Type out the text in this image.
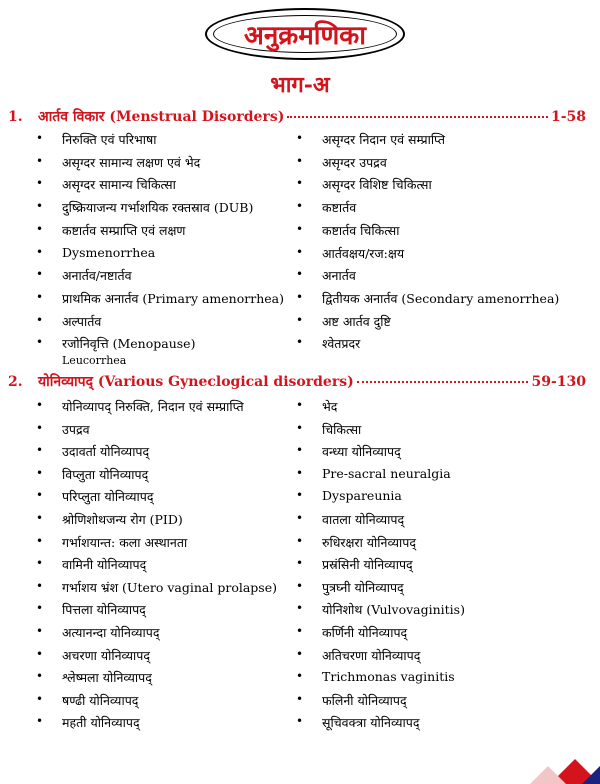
अनुक्रमणिका
भाग-अ
1.	आर्तव विकार (Menstrual Disorders)	1-58
• निरुक्ति एवं परिभाषा
• असृग्दर सामान्य लक्षण एवं भेद
• असृग्दर सामान्य चिकित्सा
• दुष्क्रियाजन्य गर्भाशयिक रक्तस्राव (DUB)
• कष्टार्तव सम्प्राप्ति एवं लक्षण
• Dysmenorrhea
• अनार्तव/नष्टार्तव
• प्राथमिक अनार्तव (Primary amenorrhea)
• अल्पार्तव
• रजोनिवृत्ति (Menopause)
Leucorrhea
• असृग्दर निदान एवं सम्प्राप्ति
• असृग्दर उपद्रव
• असृग्दर विशिष्ट चिकित्सा
• कष्टार्तव
• कष्टार्तव चिकित्सा
• आर्तवक्षय/रज:क्षय
• अनार्तव
• द्वितीयक अनार्तव (Secondary amenorrhea)
• अष्ट आर्तव दुष्टि
• श्वेतप्रदर
2.	योनिव्यापद् (Various Gyneclogical disorders)	59-130
• योनिव्यापद् निरुक्ति, निदान एवं सम्प्राप्ति
• उपद्रव
• उदावर्ता योनिव्यापद्
• विप्लुता योनिव्यापद्
• परिप्लुता योनिव्यापद्
• श्रोणिशोथजन्य रोग (PID)
• गर्भाशयान्त: कला अस्थानता
• वामिनी योनिव्यापद्
• गर्भाशय भ्रंश (Utero vaginal prolapse)
• पित्तला योनिव्यापद्
• अत्यानन्दा योनिव्यापद्
• अचरणा योनिव्यापद्
• श्लेष्मला योनिव्यापद्
• षण्ढी योनिव्यापद्
• महती योनिव्यापद्
• भेद
• चिकित्सा
• वन्ध्या योनिव्यापद्
• Pre-sacral neuralgia
• Dyspareunia
• वातला योनिव्यापद्
• रुधिरक्षरा योनिव्यापद्
• प्रस्रंसिनी योनिव्यापद्
• पुत्रघ्नी योनिव्यापद्
• योनिशोथ (Vulvovaginitis)
• कर्णिनी योनिव्यापद्
• अतिचरणा योनिव्यापद्
• Trichmonas vaginitis
• फलिनी योनिव्यापद्
• सूचिवक्त्रा योनिव्यापद्
